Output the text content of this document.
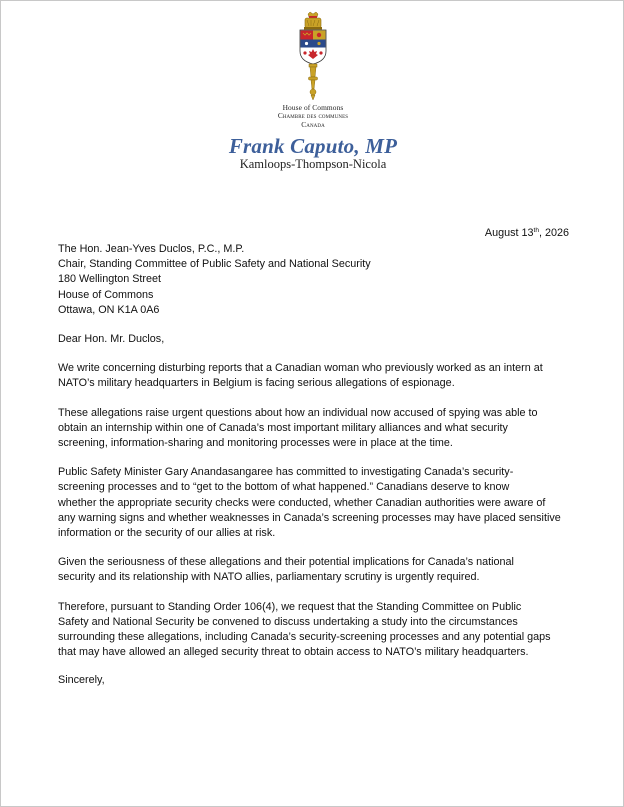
House of Commons
Chambre des communes
Canada
Frank Caputo, MP
Kamloops-Thompson-Nicola
August 13th, 2026
The Hon. Jean-Yves Duclos, P.C., M.P.
Chair, Standing Committee of Public Safety and National Security
180 Wellington Street
House of Commons
Ottawa, ON K1A 0A6
Dear Hon. Mr. Duclos,
We write concerning disturbing reports that a Canadian woman who previously worked as an intern at
NATO’s military headquarters in Belgium is facing serious allegations of espionage.
These allegations raise urgent questions about how an individual now accused of spying was able to
obtain an internship within one of Canada’s most important military alliances and what security
screening, information-sharing and monitoring processes were in place at the time.
Public Safety Minister Gary Anandasangaree has committed to investigating Canada’s security-
screening processes and to “get to the bottom of what happened.” Canadians deserve to know
whether the appropriate security checks were conducted, whether Canadian authorities were aware of
any warning signs and whether weaknesses in Canada’s screening processes may have placed sensitive
information or the security of our allies at risk.
Given the seriousness of these allegations and their potential implications for Canada’s national
security and its relationship with NATO allies, parliamentary scrutiny is urgently required.
Therefore, pursuant to Standing Order 106(4), we request that the Standing Committee on Public
Safety and National Security be convened to discuss undertaking a study into the circumstances
surrounding these allegations, including Canada’s security-screening processes and any potential gaps
that may have allowed an alleged security threat to obtain access to NATO’s military headquarters.
Sincerely,
